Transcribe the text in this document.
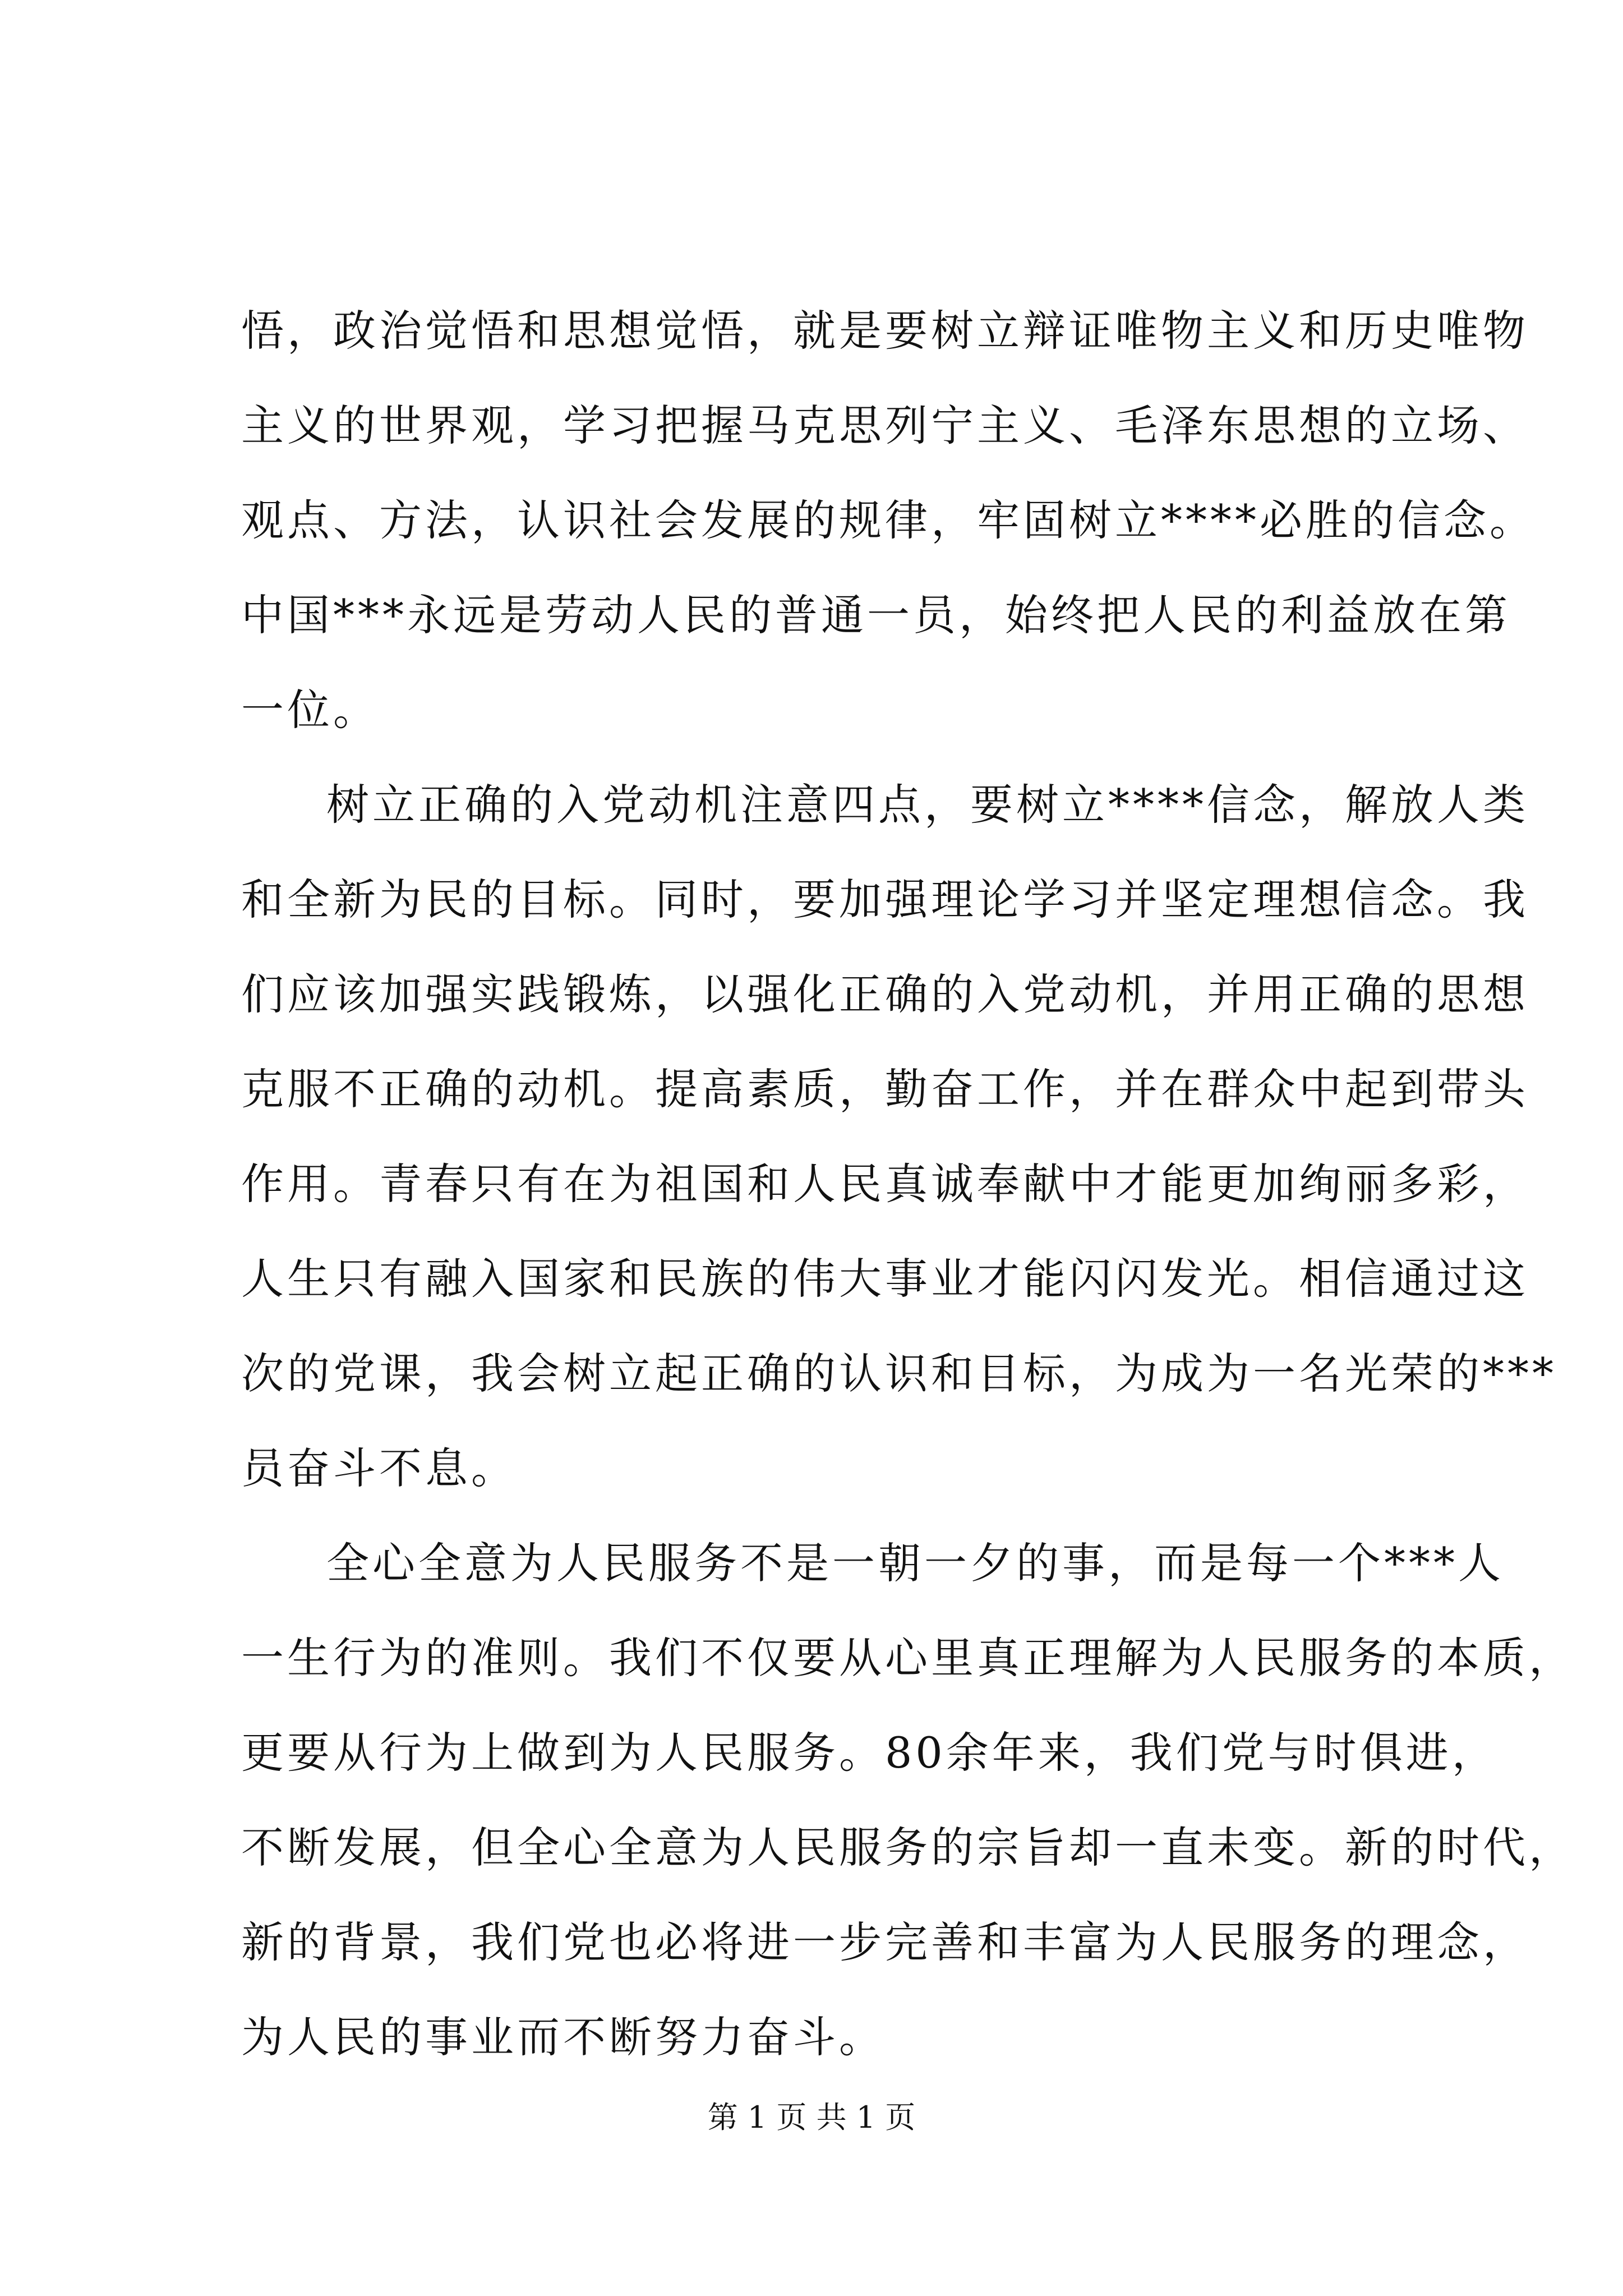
悟，政治觉悟和思想觉悟，就是要树立辩证唯物主义和历史唯物
主义的世界观，学习把握马克思列宁主义、毛泽东思想的立场、
观点、方法，认识社会发展的规律，牢固树立****必胜的信念。
中国***永远是劳动人民的普通一员，始终把人民的利益放在第
一位。
树立正确的入党动机注意四点，要树立****信念，解放人类
和全新为民的目标。同时，要加强理论学习并坚定理想信念。我
们应该加强实践锻炼，以强化正确的入党动机，并用正确的思想
克服不正确的动机。提高素质，勤奋工作，并在群众中起到带头
作用。青春只有在为祖国和人民真诚奉献中才能更加绚丽多彩，
人生只有融入国家和民族的伟大事业才能闪闪发光。相信通过这
次的党课，我会树立起正确的认识和目标，为成为一名光荣的***
员奋斗不息。
全心全意为人民服务不是一朝一夕的事，而是每一个***人
一生行为的准则。我们不仅要从心里真正理解为人民服务的本质，
更要从行为上做到为人民服务。80余年来，我们党与时俱进，
不断发展，但全心全意为人民服务的宗旨却一直未变。新的时代，
新的背景，我们党也必将进一步完善和丰富为人民服务的理念，
为人民的事业而不断努力奋斗。
第 1 页 共 1 页
